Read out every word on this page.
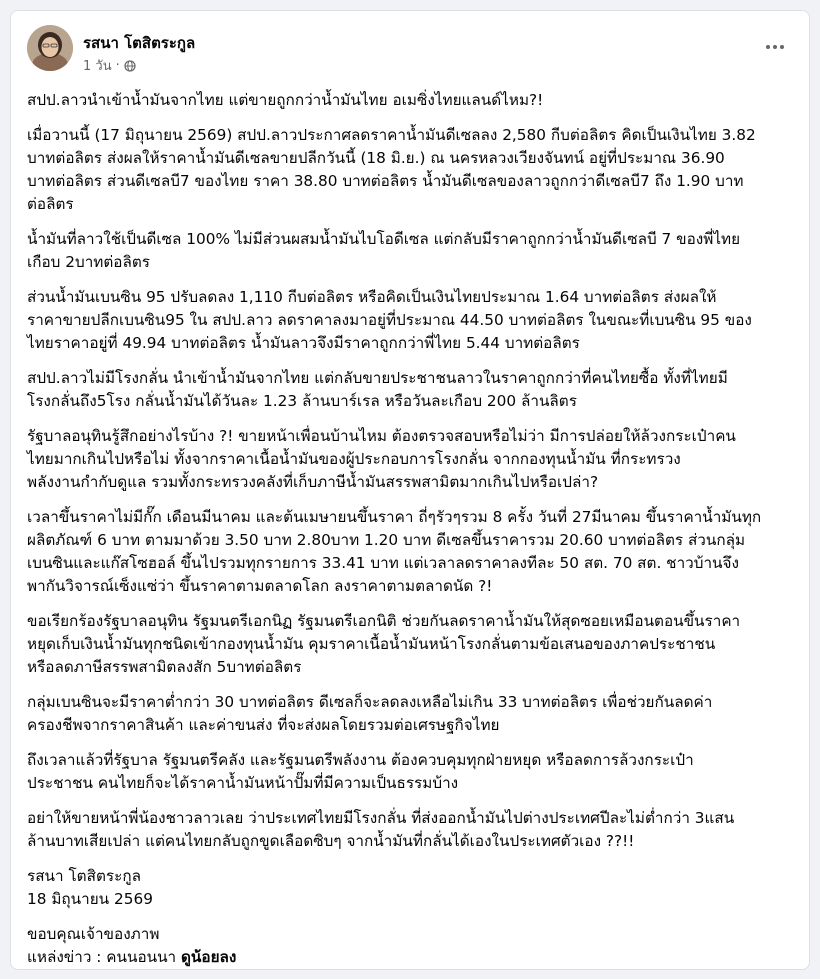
รสนา โตสิตระกูล
1 วัน ·

สปป.ลาวนำเข้าน้ำมันจากไทย แต่ขายถูกกว่าน้ำมันไทย อเมซิ่งไทยแลนด์ไหม?!

เมื่อวานนี้ (17 มิถุนายน 2569) สปป.ลาวประกาศลดราคาน้ำมันดีเซลลง 2,580 กีบต่อลิตร คิดเป็นเงินไทย 3.82
บาทต่อลิตร ส่งผลให้ราคาน้ำมันดีเซลขายปลีกวันนี้ (18 มิ.ย.) ณ นครหลวงเวียงจันทน์ อยู่ที่ประมาณ 36.90
บาทต่อลิตร ส่วนดีเซลบี7 ของไทย ราคา 38.80 บาทต่อลิตร น้ำมันดีเซลของลาวถูกกว่าดีเซลบี7 ถึง 1.90 บาท
ต่อลิตร

น้ำมันที่ลาวใช้เป็นดีเซล 100% ไม่มีส่วนผสมน้ำมันไบโอดีเซล แต่กลับมีราคาถูกกว่าน้ำมันดีเซลบี 7 ของพี่ไทย
เกือบ 2บาทต่อลิตร

ส่วนน้ำมันเบนซิน 95 ปรับลดลง 1,110 กีบต่อลิตร หรือคิดเป็นเงินไทยประมาณ 1.64 บาทต่อลิตร ส่งผลให้
ราคาขายปลีกเบนซิน95 ใน สปป.ลาว ลดราคาลงมาอยู่ที่ประมาณ 44.50 บาทต่อลิตร ในขณะที่เบนซิน 95 ของ
ไทยราคาอยู่ที่ 49.94 บาทต่อลิตร น้ำมันลาวจึงมีราคาถูกกว่าพี่ไทย 5.44 บาทต่อลิตร

สปป.ลาวไม่มีโรงกลั่น นำเข้าน้ำมันจากไทย แต่กลับขายประชาชนลาวในราคาถูกกว่าที่คนไทยซื้อ ทั้งที่ไทยมี
โรงกลั่นถึง5โรง กลั่นน้ำมันได้วันละ 1.23 ล้านบาร์เรล หรือวันละเกือบ 200 ล้านลิตร

รัฐบาลอนุทินรู้สึกอย่างไรบ้าง ?! ขายหน้าเพื่อนบ้านไหม ต้องตรวจสอบหรือไม่ว่า มีการปล่อยให้ล้วงกระเป๋าคน
ไทยมากเกินไปหรือไม่ ทั้งจากราคาเนื้อน้ำมันของผู้ประกอบการโรงกลั่น จากกองทุนน้ำมัน ที่กระทรวง
พลังงานกำกับดูแล รวมทั้งกระทรวงคลังที่เก็บภาษีน้ำมันสรรพสามิตมากเกินไปหรือเปล่า?

เวลาขึ้นราคาไม่มีกั๊ก เดือนมีนาคม และต้นเมษายนขึ้นราคา ถี่ๆรัวๆรวม 8 ครั้ง วันที่ 27มีนาคม ขึ้นราคาน้ำมันทุก
ผลิตภัณฑ์ 6 บาท ตามมาด้วย 3.50 บาท 2.80บาท 1.20 บาท ดีเซลขึ้นราคารวม 20.60 บาทต่อลิตร ส่วนกลุ่ม
เบนซินและแก๊สโซฮอล์ ขึ้นไปรวมทุกรายการ 33.41 บาท แต่เวลาลดราคาลงทีละ 50 สต. 70 สต. ชาวบ้านจึง
พากันวิจารณ์เซ็งแซ่ว่า ขึ้นราคาตามตลาดโลก ลงราคาตามตลาดนัด ?!

ขอเรียกร้องรัฐบาลอนุทิน รัฐมนตรีเอกนิฏ รัฐมนตรีเอกนิติ ช่วยกันลดราคาน้ำมันให้สุดซอยเหมือนตอนขึ้นราคา
หยุดเก็บเงินน้ำมันทุกชนิดเข้ากองทุนน้ำมัน คุมราคาเนื้อน้ำมันหน้าโรงกลั่นตามข้อเสนอของภาคประชาชน
หรือลดภาษีสรรพสามิตลงสัก 5บาทต่อลิตร

กลุ่มเบนซินจะมีราคาต่ำกว่า 30 บาทต่อลิตร ดีเซลก็จะลดลงเหลือไม่เกิน 33 บาทต่อลิตร เพื่อช่วยกันลดค่า
ครองชีพจากราคาสินค้า และค่าขนส่ง ที่จะส่งผลโดยรวมต่อเศรษฐกิจไทย

ถึงเวลาแล้วที่รัฐบาล รัฐมนตรีคลัง และรัฐมนตรีพลังงาน ต้องควบคุมทุกฝ่ายหยุด หรือลดการล้วงกระเป๋า
ประชาชน คนไทยก็จะได้ราคาน้ำมันหน้าปั๊มที่มีความเป็นธรรมบ้าง

อย่าให้ขายหน้าพี่น้องชาวลาวเลย ว่าประเทศไทยมีโรงกลั่น ที่ส่งออกน้ำมันไปต่างประเทศปีละไม่ต่ำกว่า 3แสน
ล้านบาทเสียเปล่า แต่คนไทยกลับถูกขูดเลือดซิบๆ จากน้ำมันที่กลั่นได้เองในประเทศตัวเอง ??!!

รสนา โตสิตระกูล
18 มิถุนายน 2569

ขอบคุณเจ้าของภาพ
แหล่งข่าว : คนนอนนา ดูน้อยลง
